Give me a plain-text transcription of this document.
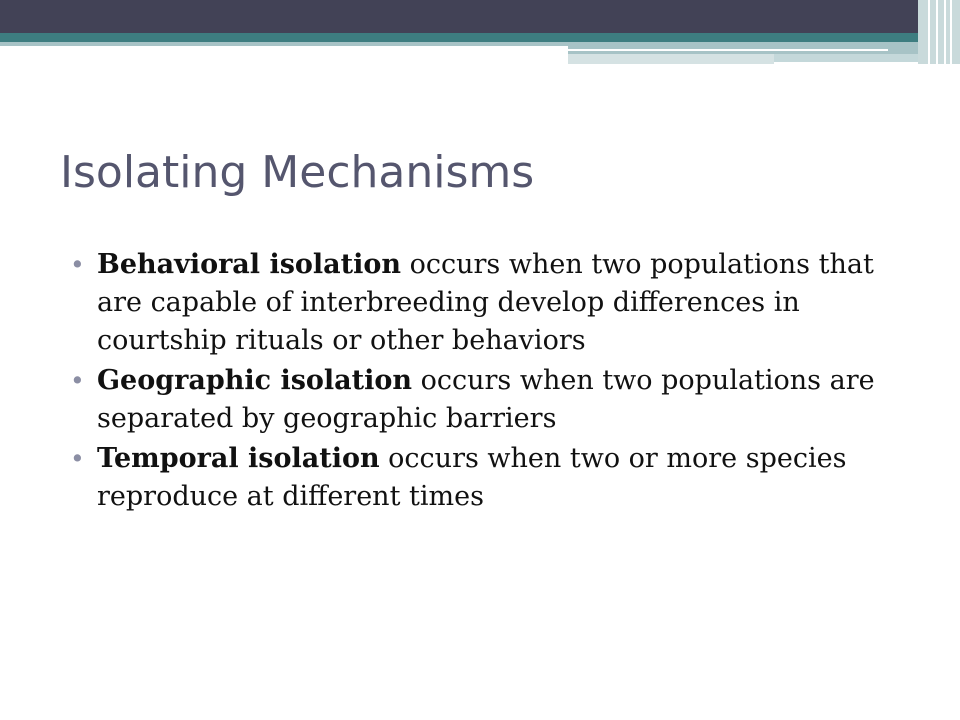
Isolating Mechanisms
• Behavioral isolation occurs when two populations that are capable of interbreeding develop differences in courtship rituals or other behaviors
• Geographic isolation occurs when two populations are separated by geographic barriers
• Temporal isolation occurs when two or more species reproduce at different times
